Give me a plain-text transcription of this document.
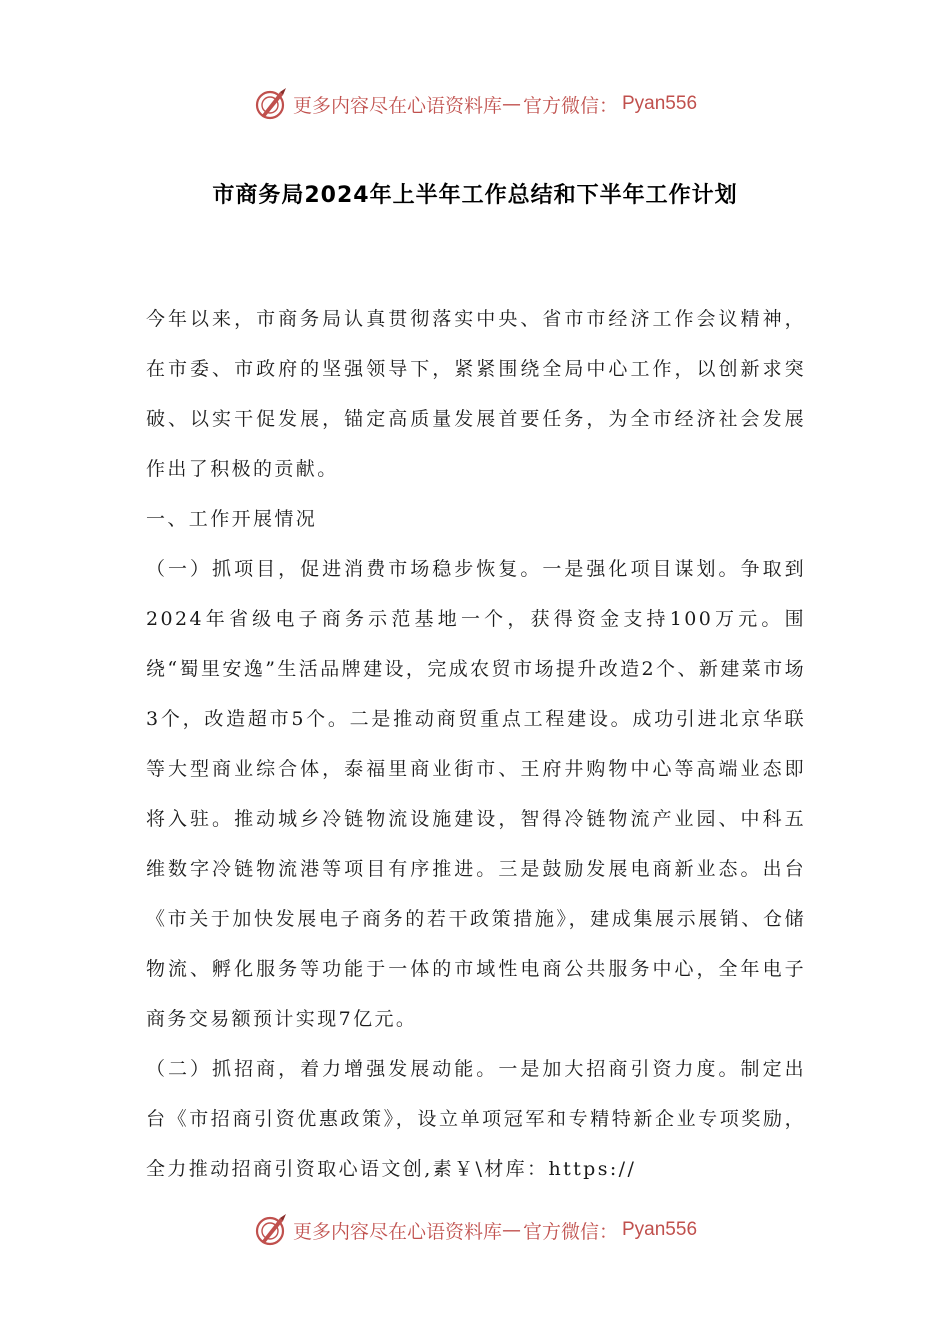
更多内容尽在心语资料库 — 官方微信： Pyan556
市商务局2024年上半年工作总结和下半年工作计划

今年以来，市商务局认真贯彻落实中央、省市市经济工作会议精神，在市委、市政府的坚强领导下，紧紧围绕全局中心工作，以创新求突破、以实干促发展，锚定高质量发展首要任务，为全市经济社会发展作出了积极的贡献。

一、工作开展情况

（一）抓项目，促进消费市场稳步恢复。一是强化项目谋划。争取到2024年省级电子商务示范基地一个，获得资金支持100万元。围绕“蜀里安逸”生活品牌建设，完成农贸市场提升改造2个、新建菜市场3个，改造超市5个。二是推动商贸重点工程建设。成功引进北京华联等大型商业综合体，泰福里商业街市、王府井购物中心等高端业态即将入驻。推动城乡冷链物流设施建设，智得冷链物流产业园、中科五维数字冷链物流港等项目有序推进。三是鼓励发展电商新业态。出台《市关于加快发展电子商务的若干政策措施》，建成集展示展销、仓储物流、孵化服务等功能于一体的市域性电商公共服务中心，全年电子商务交易额预计实现7亿元。

（二）抓招商，着力增强发展动能。一是加大招商引资力度。制定出台《市招商引资优惠政策》，设立单项冠军和专精特新企业专项奖励，全力推动招商引资取心语文创,素￥\材库：https://

更多内容尽在心语资料库 — 官方微信： Pyan556
